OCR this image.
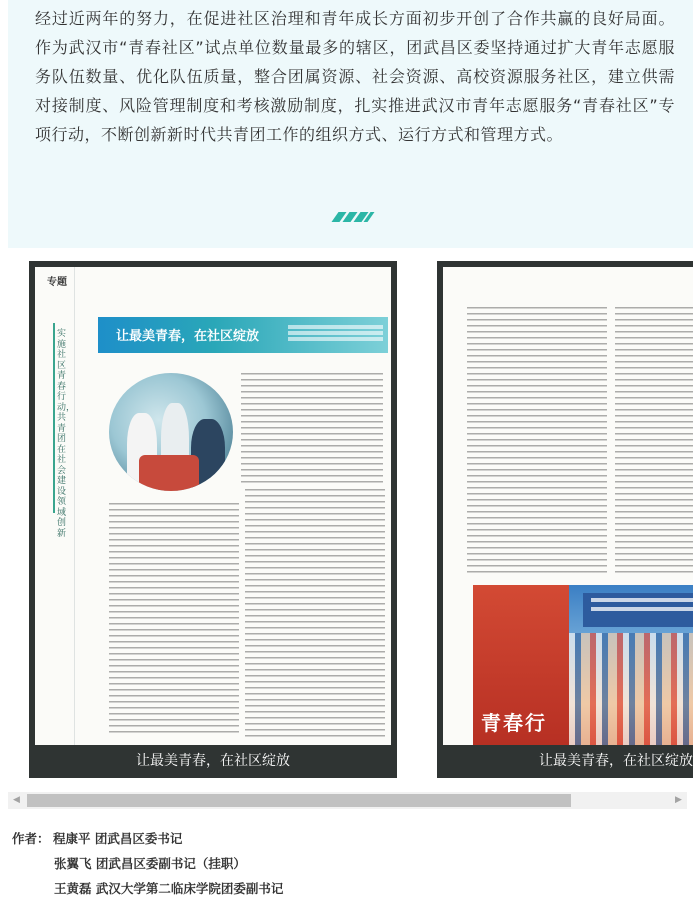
经过近两年的努力，在促进社区治理和青年成长方面初步开创了合作共赢的良好局面。作为武汉市“青春社区”试点单位数量最多的辖区，团武昌区委坚持通过扩大青年志愿服务队伍数量、优化队伍质量，整合团属资源、社会资源、高校资源服务社区，建立供需对接制度、风险管理制度和考核激励制度，扎实推进武汉市青年志愿服务“青春社区”专项行动，不断创新新时代共青团工作的组织方式、运行方式和管理方式。

专题
实施社区青春行动，共青团在社会建设领域创新
让最美青春，在社区绽放
让最美青春，在社区绽放
青春行
让最美青春，在社区绽放
◀	▶
作者： 程康平 团武昌区委书记
张翼飞 团武昌区委副书记（挂职）
王黄磊 武汉大学第二临床学院团委副书记
